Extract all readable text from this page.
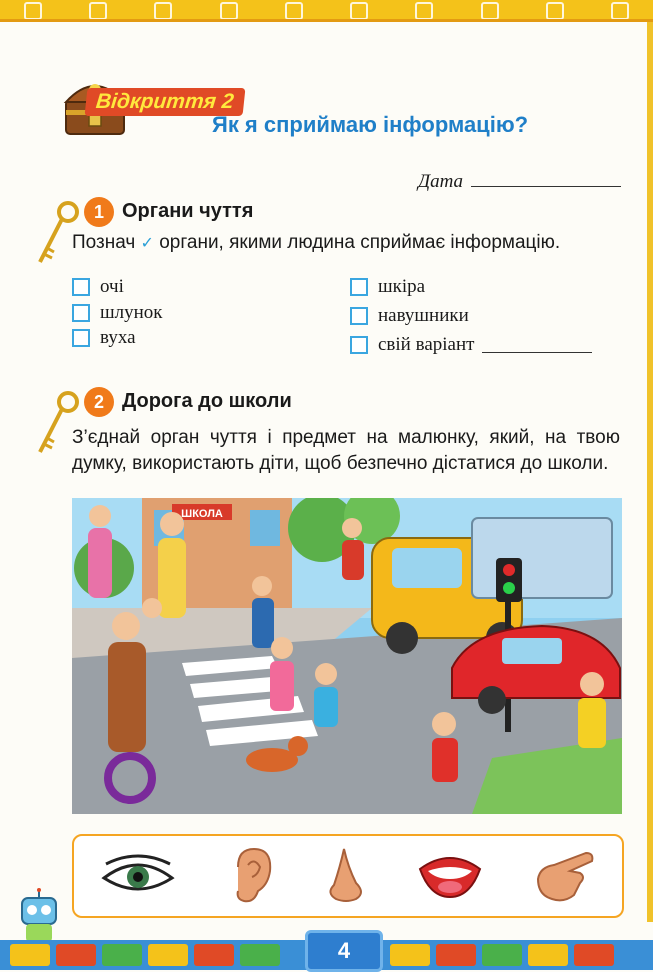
Відкриття 2
Як я сприймаю інформацію?
Дата
1 Органи чуття
Познач ✓ органи, якими людина сприймає інформацію.
очі
шлунок
вуха
шкіра
навушники
свій варіант
2 Дорога до школи
З’єднай орган чуття і предмет на малюнку, який, на твою думку, використають діти, щоб безпечно дістатися до школи.
ШКОЛА
4
